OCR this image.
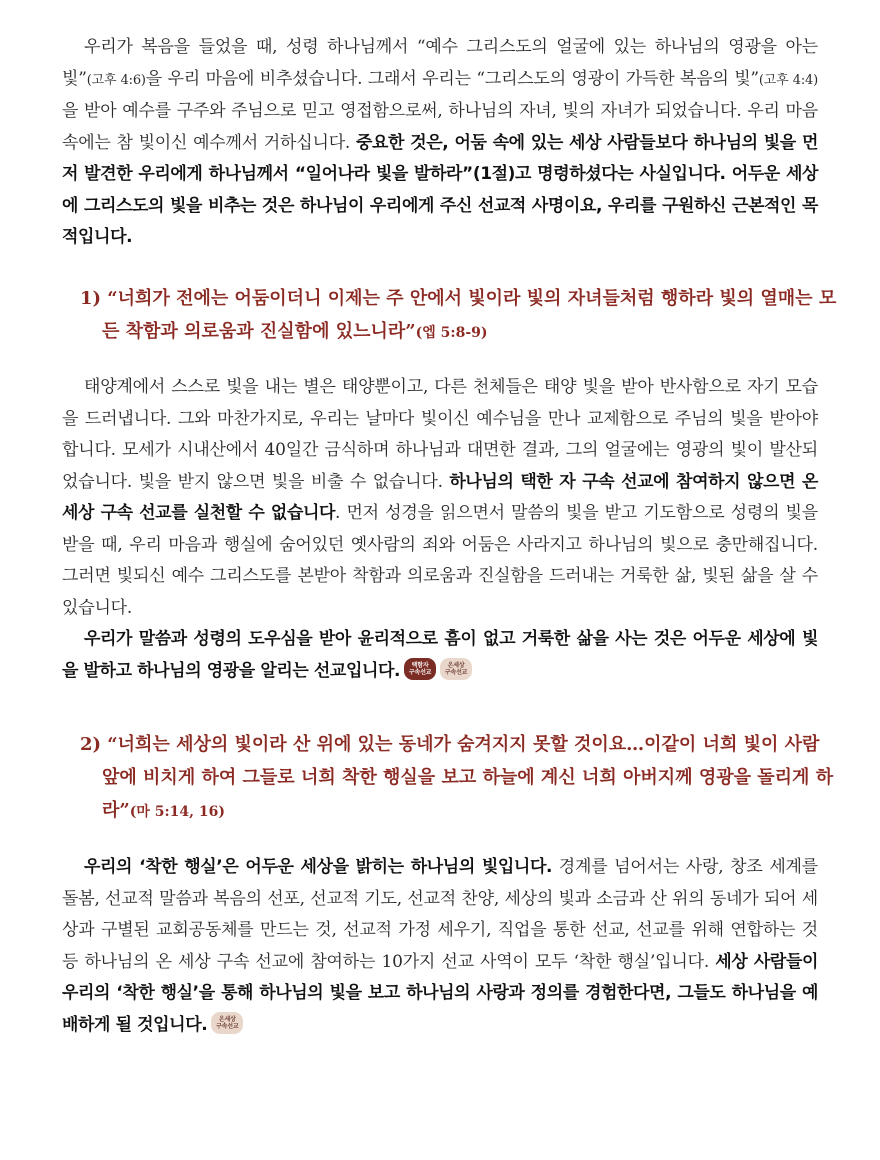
우리가 복음을 들었을 때, 성령 하나님께서 “예수 그리스도의 얼굴에 있는 하나님의 영광을 아는 빛”(고후 4:6)을 우리 마음에 비추셨습니다. 그래서 우리는 “그리스도의 영광이 가득한 복음의 빛”(고후 4:4)을 받아 예수를 구주와 주님으로 믿고 영접함으로써, 하나님의 자녀, 빛의 자녀가 되었습니다. 우리 마음속에는 참 빛이신 예수께서 거하십니다. 중요한 것은, 어둠 속에 있는 세상 사람들보다 하나님의 빛을 먼저 발견한 우리에게 하나님께서 “일어나라 빛을 발하라”(1절)고 명령하셨다는 사실입니다. 어두운 세상에 그리스도의 빛을 비추는 것은 하나님이 우리에게 주신 선교적 사명이요, 우리를 구원하신 근본적인 목적입니다.

1) “너희가 전에는 어둠이더니 이제는 주 안에서 빛이라 빛의 자녀들처럼 행하라 빛의 열매는 모든 착함과 의로움과 진실함에 있느니라”(엡 5:8-9)

태양계에서 스스로 빛을 내는 별은 태양뿐이고, 다른 천체들은 태양 빛을 받아 반사함으로 자기 모습을 드러냅니다. 그와 마찬가지로, 우리는 날마다 빛이신 예수님을 만나 교제함으로 주님의 빛을 받아야 합니다. 모세가 시내산에서 40일간 금식하며 하나님과 대면한 결과, 그의 얼굴에는 영광의 빛이 발산되었습니다. 빛을 받지 않으면 빛을 비출 수 없습니다. 하나님의 택한 자 구속 선교에 참여하지 않으면 온 세상 구속 선교를 실천할 수 없습니다. 먼저 성경을 읽으면서 말씀의 빛을 받고 기도함으로 성령의 빛을 받을 때, 우리 마음과 행실에 숨어있던 옛사람의 죄와 어둠은 사라지고 하나님의 빛으로 충만해집니다. 그러면 빛되신 예수 그리스도를 본받아 착함과 의로움과 진실함을 드러내는 거룩한 삶, 빛된 삶을 살 수 있습니다.

우리가 말씀과 성령의 도우심을 받아 윤리적으로 흠이 없고 거룩한 삶을 사는 것은 어두운 세상에 빛을 발하고 하나님의 영광을 알리는 선교입니다. 택함자
구속선교온세상
구속선교

2) “너희는 세상의 빛이라 산 위에 있는 동네가 숨겨지지 못할 것이요…이같이 너희 빛이 사람 앞에 비치게 하여 그들로 너희 착한 행실을 보고 하늘에 계신 너희 아버지께 영광을 돌리게 하라”(마 5:14, 16)

우리의 ‘착한 행실’은 어두운 세상을 밝히는 하나님의 빛입니다. 경계를 넘어서는 사랑, 창조 세계를 돌봄, 선교적 말씀과 복음의 선포, 선교적 기도, 선교적 찬양, 세상의 빛과 소금과 산 위의 동네가 되어 세상과 구별된 교회공동체를 만드는 것, 선교적 가정 세우기, 직업을 통한 선교, 선교를 위해 연합하는 것 등 하나님의 온 세상 구속 선교에 참여하는 10가지 선교 사역이 모두 ‘착한 행실’입니다. 세상 사람들이 우리의 ‘착한 행실’을 통해 하나님의 빛을 보고 하나님의 사랑과 정의를 경험한다면, 그들도 하나님을 예배하게 될 것입니다. 온세상
구속선교
